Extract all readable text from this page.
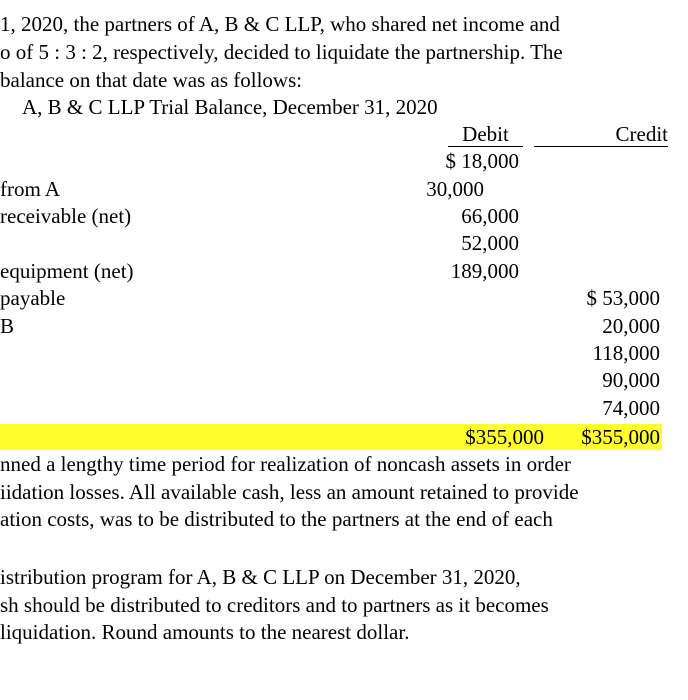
1, 2020, the partners of A, B & C LLP, who shared net income and
o of 5 : 3 : 2, respectively, decided to liquidate the partnership. The
balance on that date was as follows:
A, B & C LLP Trial Balance, December 31, 2020
Debit	Credit
from A
receivable (net)
equipment (net)
payable
B
$ 18,000
30,000
66,000
52,000
189,000
$ 53,000
20,000
118,000
90,000
74,000
$355,000	$355,000
nned a lengthy time period for realization of noncash assets in order
iidation losses. All available cash, less an amount retained to provide
ation costs, was to be distributed to the partners at the end of each
istribution program for A, B & C LLP on December 31, 2020,
sh should be distributed to creditors and to partners as it becomes
liquidation. Round amounts to the nearest dollar.
